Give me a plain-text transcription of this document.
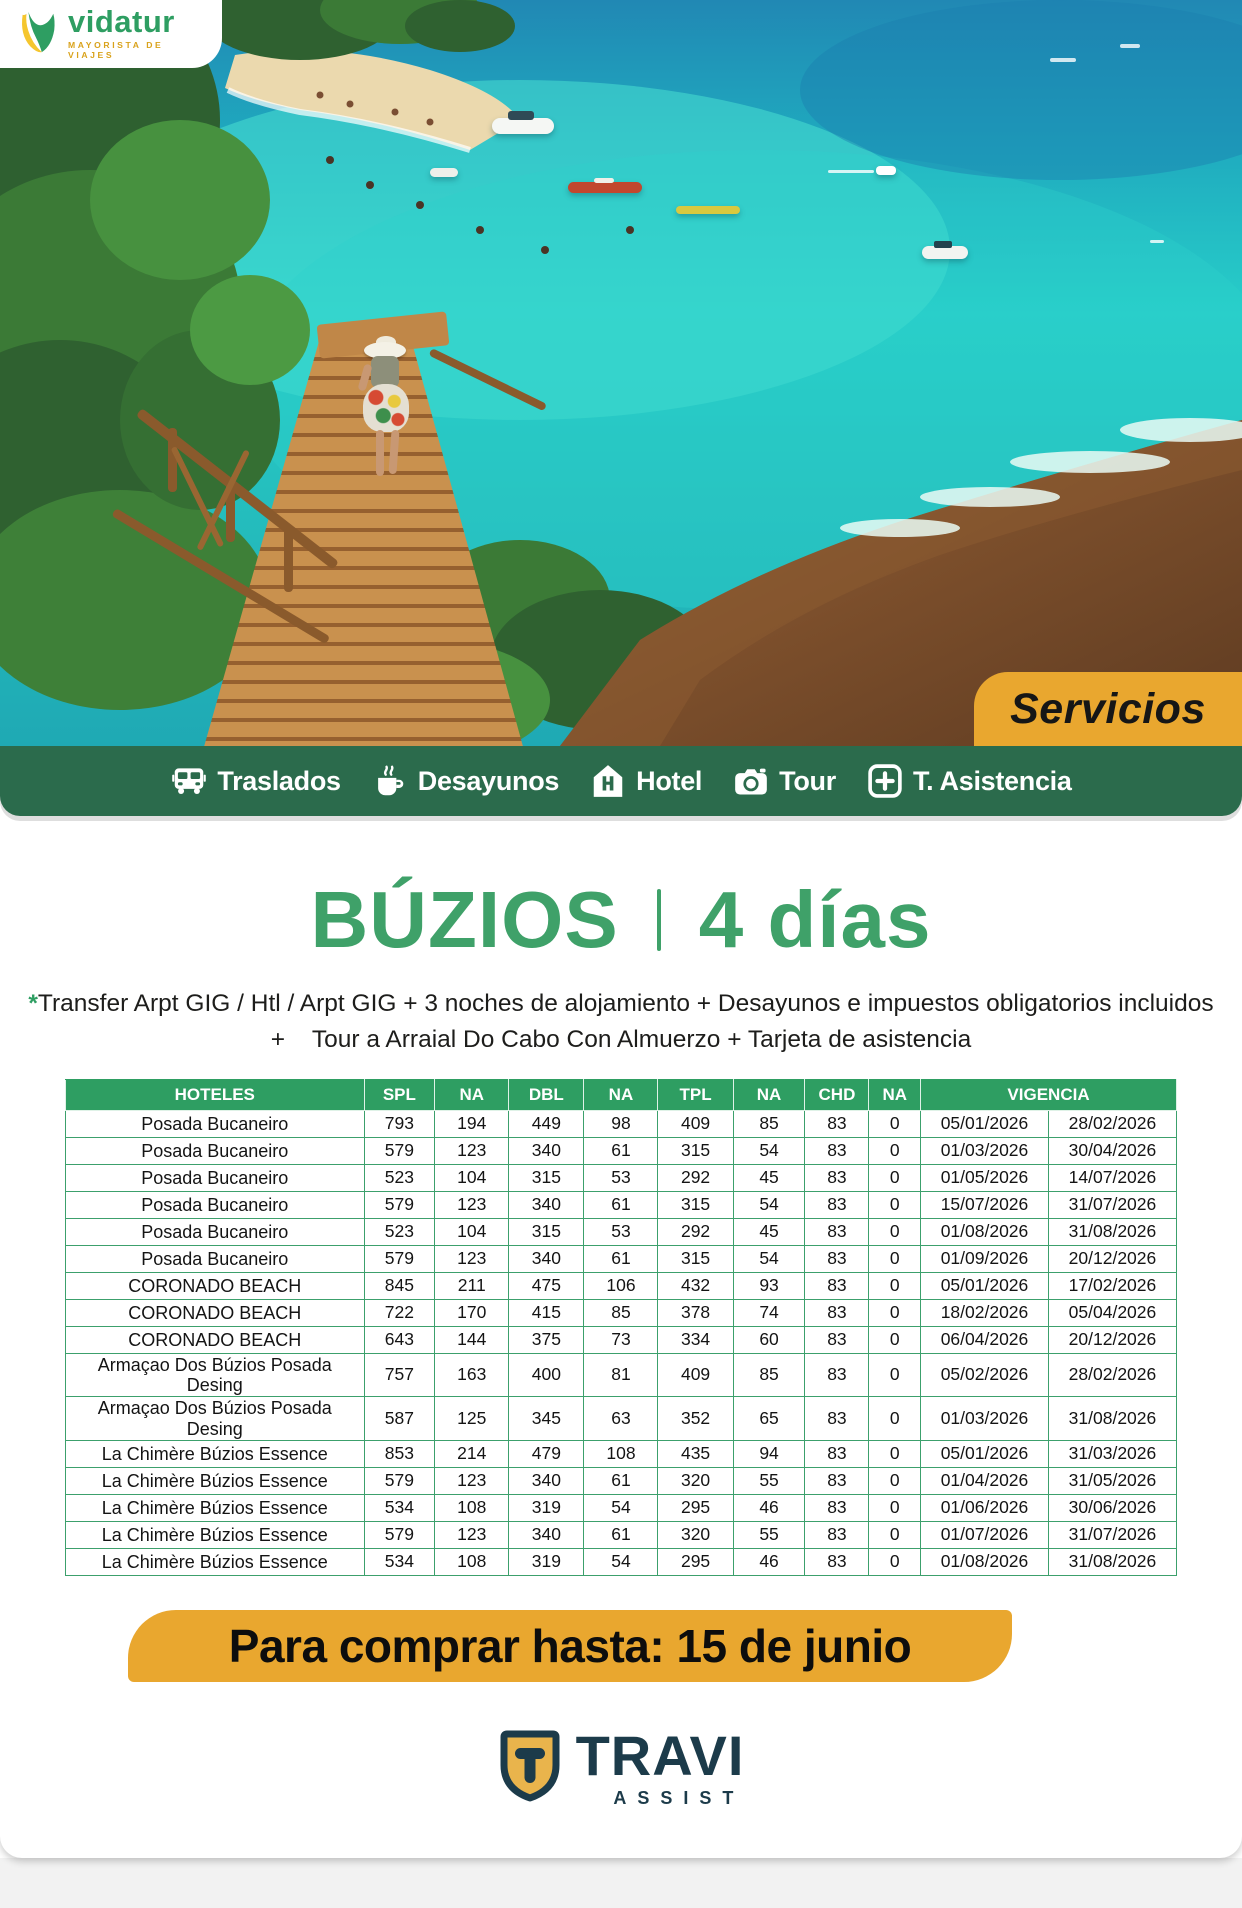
vidatur
MAYORISTA DE VIAJES
Servicios
Traslados	Desayunos	Hotel	Tour	T. Asistencia
BÚZIOS 4 días

*Transfer Arpt GIG / Htl / Arpt GIG + 3 noches de alojamiento + Desayunos e impuestos obligatorios incluidos
+    Tour a Arraial Do Cabo Con Almuerzo + Tarjeta de asistencia

HOTELES	SPL	NA	DBL	NA	TPL	NA	CHD	NA	VIGENCIA	
Posada Bucaneiro	793	194	449	98	409	85	83	0	05/01/2026	28/02/2026
Posada Bucaneiro	579	123	340	61	315	54	83	0	01/03/2026	30/04/2026
Posada Bucaneiro	523	104	315	53	292	45	83	0	01/05/2026	14/07/2026
Posada Bucaneiro	579	123	340	61	315	54	83	0	15/07/2026	31/07/2026
Posada Bucaneiro	523	104	315	53	292	45	83	0	01/08/2026	31/08/2026
Posada Bucaneiro	579	123	340	61	315	54	83	0	01/09/2026	20/12/2026
CORONADO BEACH	845	211	475	106	432	93	83	0	05/01/2026	17/02/2026
CORONADO BEACH	722	170	415	85	378	74	83	0	18/02/2026	05/04/2026
CORONADO BEACH	643	144	375	73	334	60	83	0	06/04/2026	20/12/2026
Armaçao Dos Búzios Posada Desing	757	163	400	81	409	85	83	0	05/02/2026	28/02/2026
Armaçao Dos Búzios Posada Desing	587	125	345	63	352	65	83	0	01/03/2026	31/08/2026
La Chimère Búzios Essence	853	214	479	108	435	94	83	0	05/01/2026	31/03/2026
La Chimère Búzios Essence	579	123	340	61	320	55	83	0	01/04/2026	31/05/2026
La Chimère Búzios Essence	534	108	319	54	295	46	83	0	01/06/2026	30/06/2026
La Chimère Búzios Essence	579	123	340	61	320	55	83	0	01/07/2026	31/07/2026
La Chimère Búzios Essence	534	108	319	54	295	46	83	0	01/08/2026	31/08/2026
Para comprar hasta: 15 de junio
TRAVI
ASSIST
